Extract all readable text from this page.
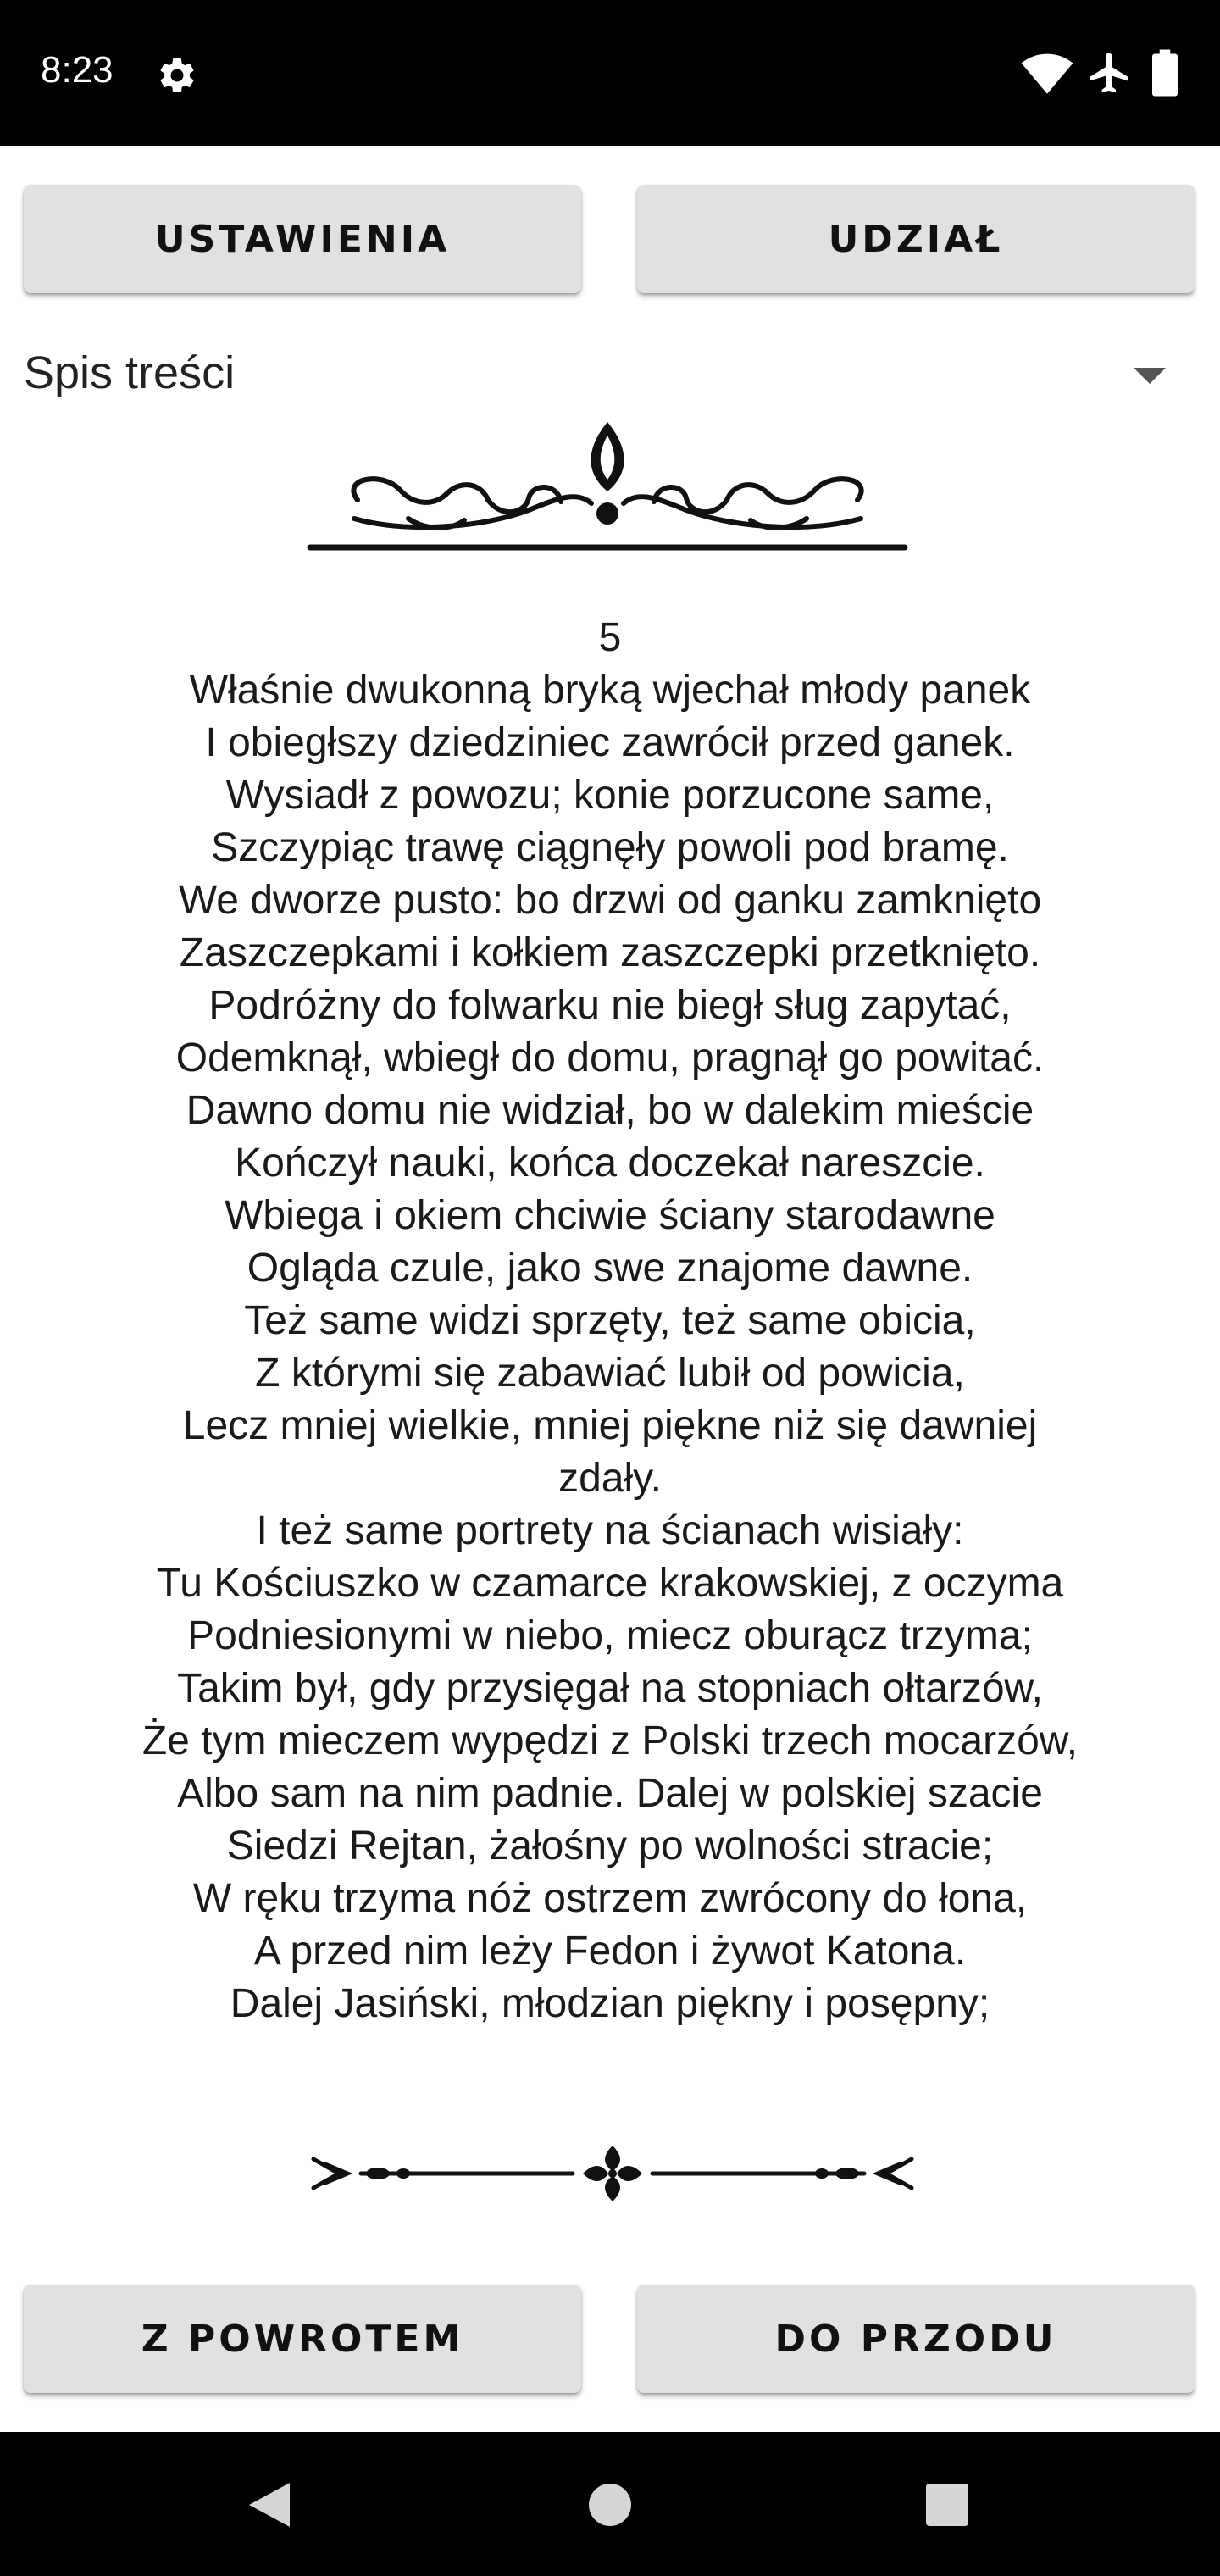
8:23
USTAWIENIA	UDZIAŁ
Spis treści
5
Właśnie dwukonną bryką wjechał młody panek
I obiegłszy dziedziniec zawrócił przed ganek.
Wysiadł z powozu; konie porzucone same,
Szczypiąc trawę ciągnęły powoli pod bramę.
We dworze pusto: bo drzwi od ganku zamknięto
Zaszczepkami i kołkiem zaszczepki przetknięto.
Podróżny do folwarku nie biegł sług zapytać,
Odemknął, wbiegł do domu, pragnął go powitać.
Dawno domu nie widział, bo w dalekim mieście
Kończył nauki, końca doczekał nareszcie.
Wbiega i okiem chciwie ściany starodawne
Ogląda czule, jako swe znajome dawne.
Też same widzi sprzęty, też same obicia,
Z którymi się zabawiać lubił od powicia,
Lecz mniej wielkie, mniej piękne niż się dawniej
zdały.
I też same portrety na ścianach wisiały:
Tu Kościuszko w czamarce krakowskiej, z oczyma
Podniesionymi w niebo, miecz oburącz trzyma;
Takim był, gdy przysięgał na stopniach ołtarzów,
Że tym mieczem wypędzi z Polski trzech mocarzów,
Albo sam na nim padnie. Dalej w polskiej szacie
Siedzi Rejtan, żałośny po wolności stracie;
W ręku trzyma nóż ostrzem zwrócony do łona,
A przed nim leży Fedon i żywot Katona.
Dalej Jasiński, młodzian piękny i posępny;
Z POWROTEM	DO PRZODU
